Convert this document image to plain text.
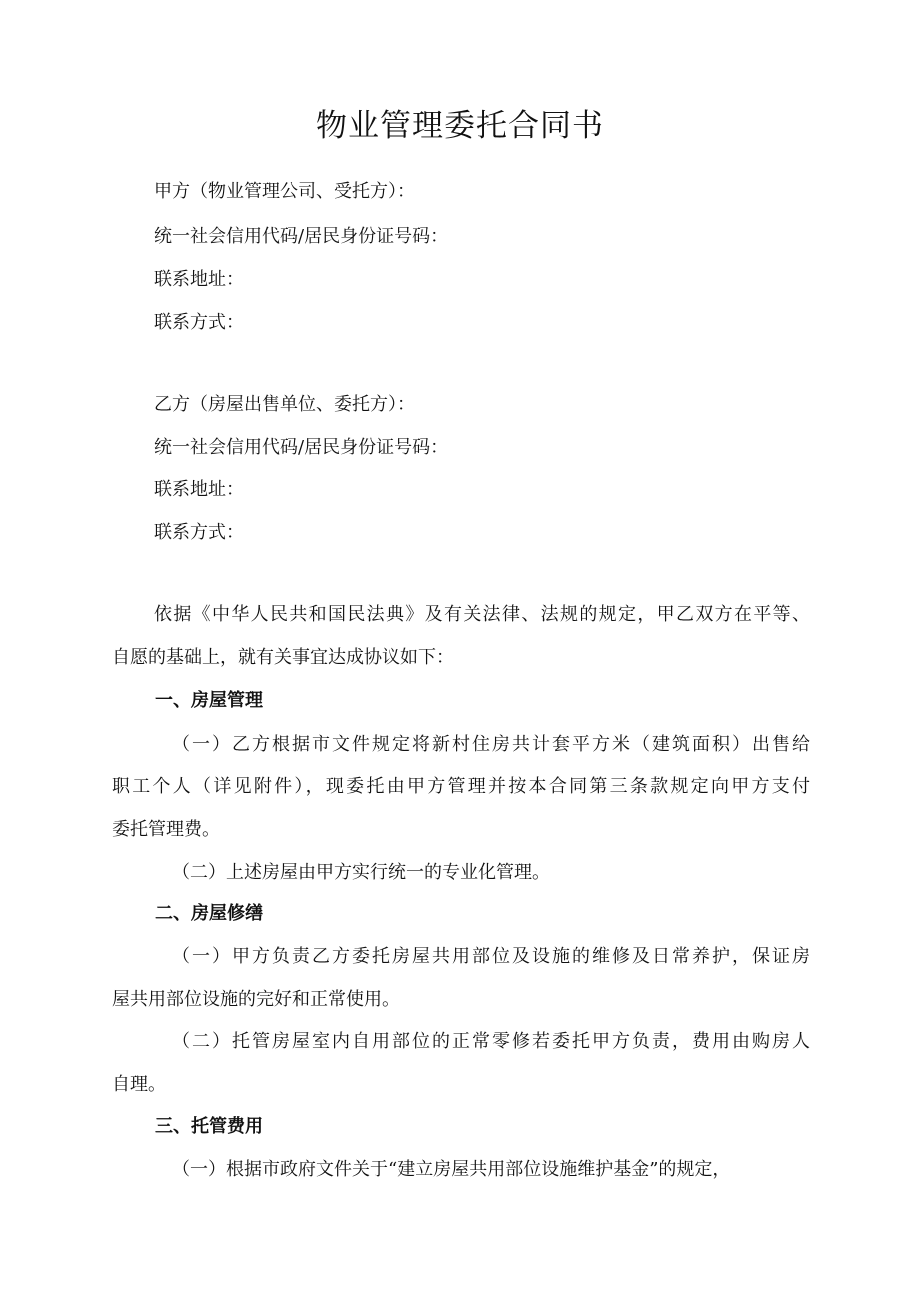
物业管理委托合同书
甲方（物业管理公司、受托方）：
统一社会信用代码/居民身份证号码：
联系地址：
联系方式：
乙方（房屋出售单位、委托方）：
统一社会信用代码/居民身份证号码：
联系地址：
联系方式：
依据《中华人民共和国民法典》及有关法律、法规的规定，甲乙双方在平等、
自愿的基础上，就有关事宜达成协议如下：
一、房屋管理
（一）乙方根据市文件规定将新村住房共计套平方米（建筑面积）出售给
职工个人（详见附件），现委托由甲方管理并按本合同第三条款规定向甲方支付
委托管理费。
（二）上述房屋由甲方实行统一的专业化管理。
二、房屋修缮
（一）甲方负责乙方委托房屋共用部位及设施的维修及日常养护，保证房
屋共用部位设施的完好和正常使用。
（二）托管房屋室内自用部位的正常零修若委托甲方负责，费用由购房人
自理。
三、托管费用
（一）根据市政府文件关于“建立房屋共用部位设施维护基金”的规定，
